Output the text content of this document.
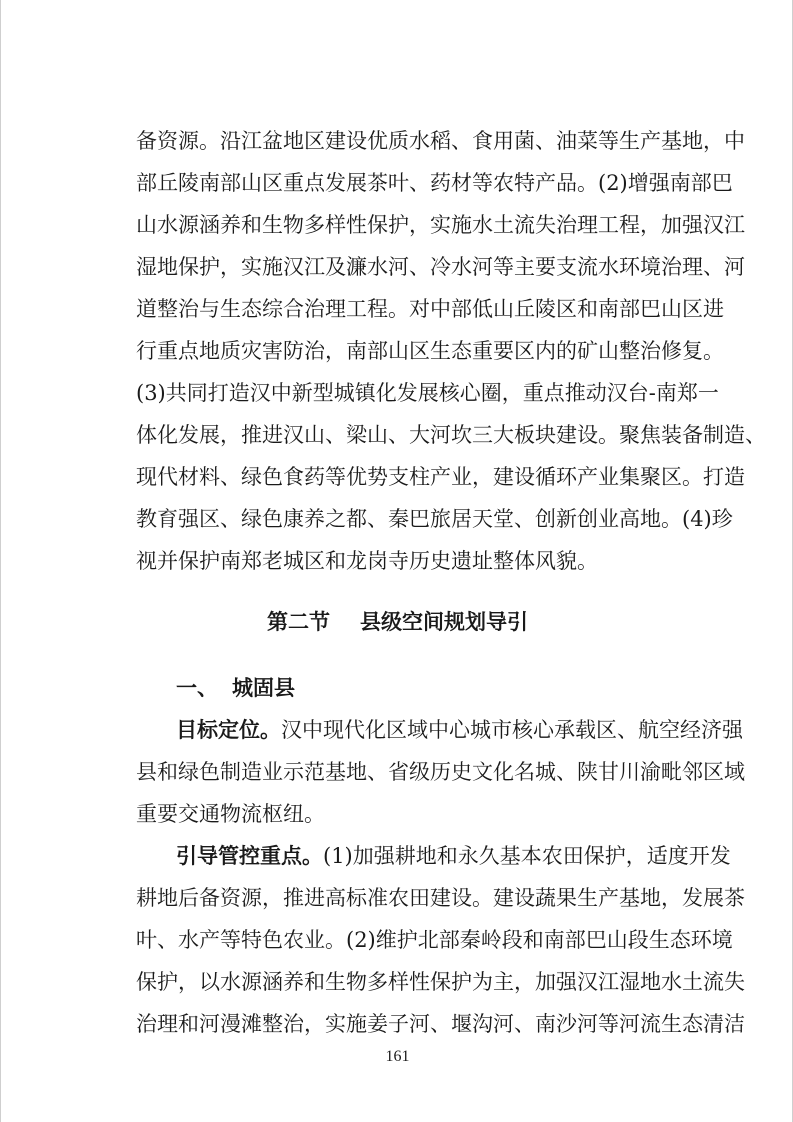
备资源。沿江盆地区建设优质水稻、食用菌、油菜等生产基地，中
部丘陵南部山区重点发展茶叶、药材等农特产品。(2)增强南部巴
山水源涵养和生物多样性保护，实施水土流失治理工程，加强汉江
湿地保护，实施汉江及濂水河、冷水河等主要支流水环境治理、河
道整治与生态综合治理工程。对中部低山丘陵区和南部巴山区进
行重点地质灾害防治，南部山区生态重要区内的矿山整治修复。
(3)共同打造汉中新型城镇化发展核心圈，重点推动汉台-南郑一
体化发展，推进汉山、梁山、大河坎三大板块建设。聚焦装备制造、
现代材料、绿色食药等优势支柱产业，建设循环产业集聚区。打造
教育强区、绿色康养之都、秦巴旅居天堂、创新创业高地。(4)珍
视并保护南郑老城区和龙岗寺历史遗址整体风貌。
第二节 县级空间规划导引
一、 城固县
目标定位。汉中现代化区域中心城市核心承载区、航空经济强
县和绿色制造业示范基地、省级历史文化名城、陕甘川渝毗邻区域
重要交通物流枢纽。
引导管控重点。(1)加强耕地和永久基本农田保护，适度开发
耕地后备资源，推进高标准农田建设。建设蔬果生产基地，发展茶
叶、水产等特色农业。(2)维护北部秦岭段和南部巴山段生态环境
保护，以水源涵养和生物多样性保护为主，加强汉江湿地水土流失
治理和河漫滩整治，实施姜子河、堰沟河、南沙河等河流生态清洁
161
